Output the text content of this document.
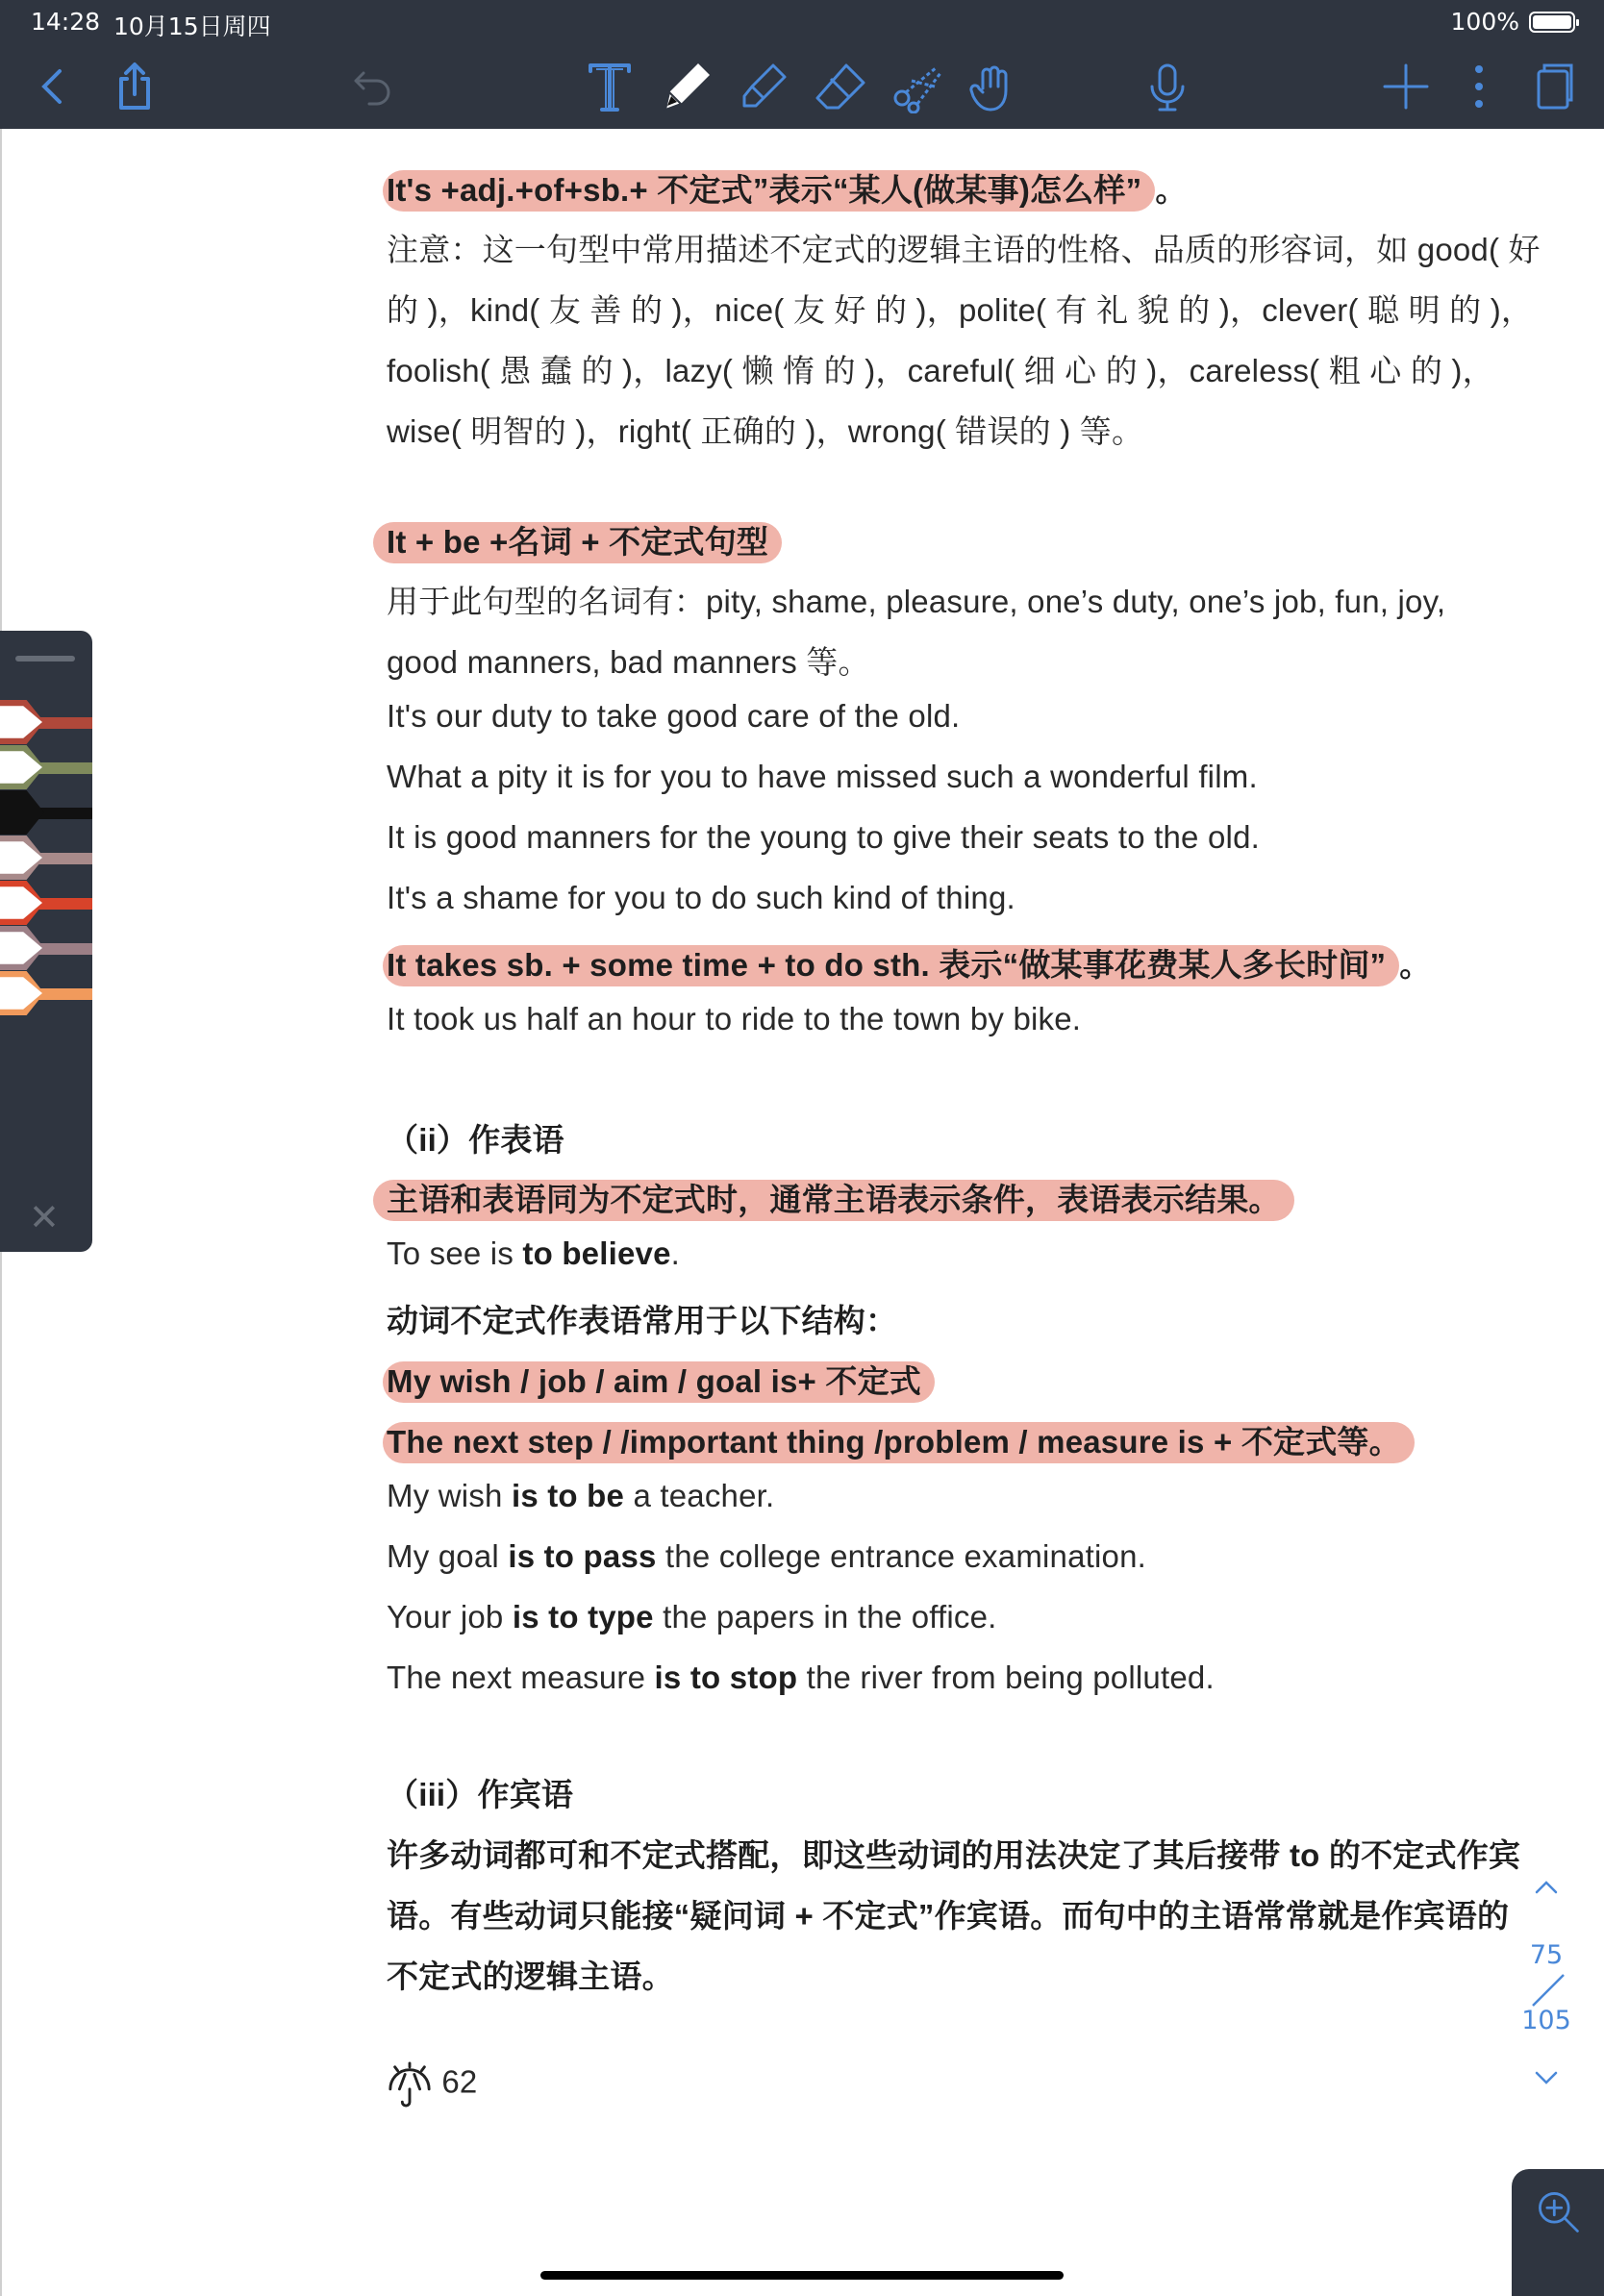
14:28 10月15日周四	100%
It's +adj.+of+sb.+ 不定式”表示“某人(做某事)怎么样” 。
注意：这一句型中常用描述不定式的逻辑主语的性格、品质的形容词，如 good( 好
的 )，kind( 友 善 的 )，nice( 友 好 的 )，polite( 有 礼 貌 的 )，clever( 聪 明 的 )，
foolish( 愚 蠢 的 )，lazy( 懒 惰 的 )，careful( 细 心 的 )，careless( 粗 心 的 )，
wise( 明智的 )，right( 正确的 )，wrong( 错误的 ) 等。
It + be +名词 + 不定式句型
用于此句型的名词有：pity, shame, pleasure, one’s duty, one’s job, fun, joy,
good manners, bad manners 等。
It's our duty to take good care of the old.
What a pity it is for you to have missed such a wonderful film.
It is good manners for the young to give their seats to the old.
It's a shame for you to do such kind of thing.
It takes sb. + some time + to do sth. 表示“做某事花费某人多长时间” 。
It took us half an hour to ride to the town by bike.
（ii）作表语
主语和表语同为不定式时，通常主语表示条件，表语表示结果。
To see is to believe.
动词不定式作表语常用于以下结构：
My wish / job / aim / goal is+ 不定式
The next step / /important thing /problem / measure is + 不定式等。
My wish is to be a teacher.
My goal is to pass the college entrance examination.
Your job is to type the papers in the office.
The next measure is to stop the river from being polluted.
（iii）作宾语
许多动词都可和不定式搭配，即这些动词的用法决定了其后接带 to 的不定式作宾
语。有些动词只能接“疑问词 + 不定式”作宾语。而句中的主语常常就是作宾语的
不定式的逻辑主语。
62
✕
75
105
